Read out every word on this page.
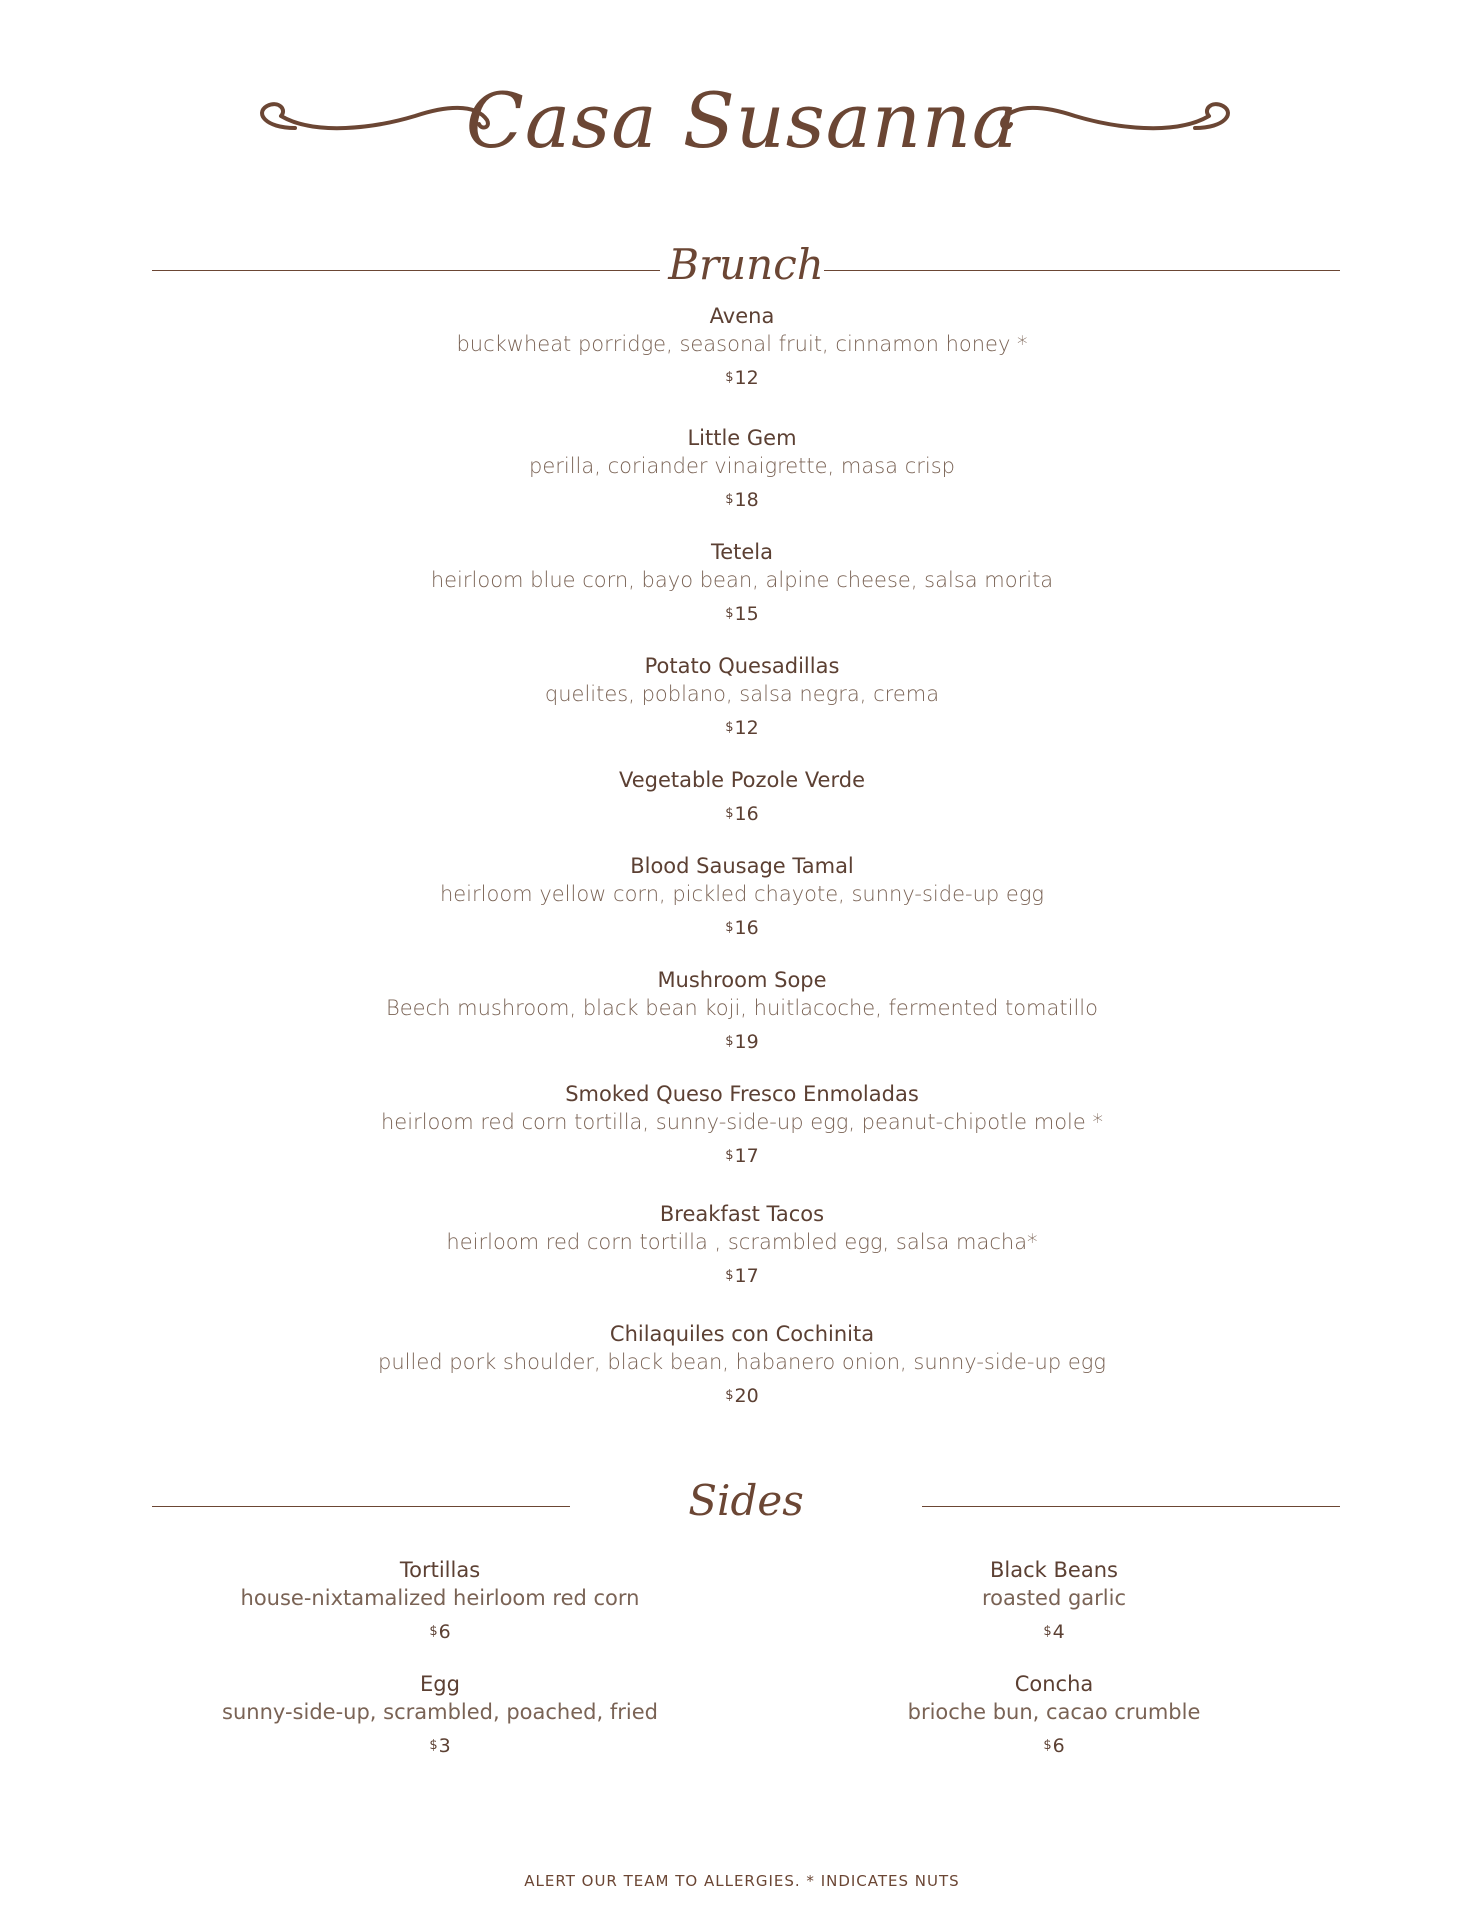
Casa Susanna
Brunch
Avena
buckwheat porridge, seasonal fruit, cinnamon honey *
$12
Little Gem
perilla, coriander vinaigrette, masa crisp
$18
Tetela
heirloom blue corn, bayo bean, alpine cheese, salsa morita
$15
Potato Quesadillas
quelites, poblano, salsa negra, crema
$12
Vegetable Pozole Verde
$16
Blood Sausage Tamal
heirloom yellow corn, pickled chayote, sunny-side-up egg
$16
Mushroom Sope
Beech mushroom, black bean koji, huitlacoche, fermented tomatillo
$19
Smoked Queso Fresco Enmoladas
heirloom red corn tortilla, sunny-side-up egg, peanut-chipotle mole *
$17
Breakfast Tacos
heirloom red corn tortilla , scrambled egg, salsa macha*
$17
Chilaquiles con Cochinita
pulled pork shoulder, black bean, habanero onion, sunny-side-up egg
$20
Sides
Tortillas
house-nixtamalized heirloom red corn
$6
Egg
sunny-side-up, scrambled, poached, fried
$3
Black Beans
roasted garlic
$4
Concha
brioche bun, cacao crumble
$6
ALERT OUR TEAM TO ALLERGIES. * INDICATES NUTS
